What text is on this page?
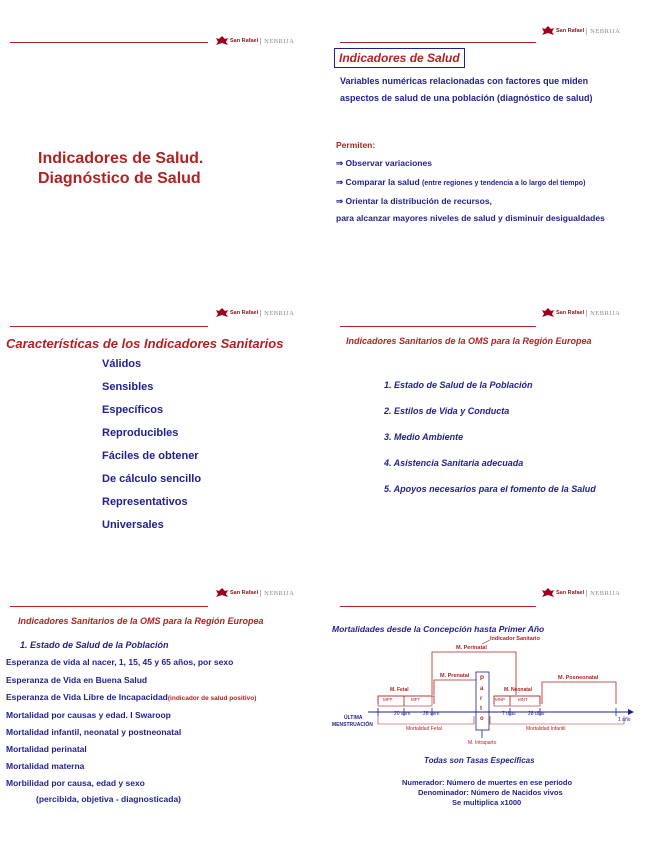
San Rafael NEBRIJA
Indicadores de Salud.
Diagnóstico de Salud
San Rafael NEBRIJA
Indicadores de Salud
Variables numéricas relacionadas con factores que miden
aspectos de salud de una población (diagnóstico de salud)
Permiten:
⇒ Observar variaciones
⇒ Comparar la salud (entre regiones y tendencia a lo largo del tiempo)
⇒ Orientar la distribución de recursos,
para alcanzar mayores niveles de salud y disminuir desigualdades
San Rafael NEBRIJA
Características de los Indicadores Sanitarios
Válidos
Sensibles
Específicos
Reproducibles
Fáciles de obtener
De cálculo sencillo
Representativos
Universales
San Rafael NEBRIJA
Indicadores Sanitarios de la OMS para la Región Europea
1. Estado de Salud de la Población
2. Estilos de Vida y Conducta
3. Medio Ambiente
4. Asistencia Sanitaria adecuada
5. Apoyos necesarios para el fomento de la Salud
San Rafael NEBRIJA
Indicadores Sanitarios de la OMS para la Región Europea
1. Estado de Salud de la Población
Esperanza de vida al nacer, 1, 15, 45 y 65 años, por sexo
Esperanza de Vida en Buena Salud
Esperanza de Vida Libre de Incapacidad(indicador de salud positivo)
Mortalidad por causas y edad. I Swaroop
Mortalidad infantil, neonatal y postneonatal
Mortalidad perinatal
Mortalidad materna
Morbilidad por causa, edad y sexo
(percibida, objetiva - diagnosticada)
San Rafael NEBRIJA
Mortalidades desde la Concepción hasta Primer Año
Indicador Sanitario
M. Perinatal
M. Prenatal	M. Posneonatal
M. Fetal	M. Neonatal
MFP	MFT	MNP	MNT
20 sem	28 sem	7 días 28 días
1 año
P
a
r
t
o
ÚLTIMA
MENSTRUACIÓN
Mortalidad Fetal	Mortalidad Infantil
M. Intraparto
Todas son Tasas Específicas
Numerador: Número de muertes en ese período
Denominador: Número de Nacidos vivos
Se multiplica x1000
